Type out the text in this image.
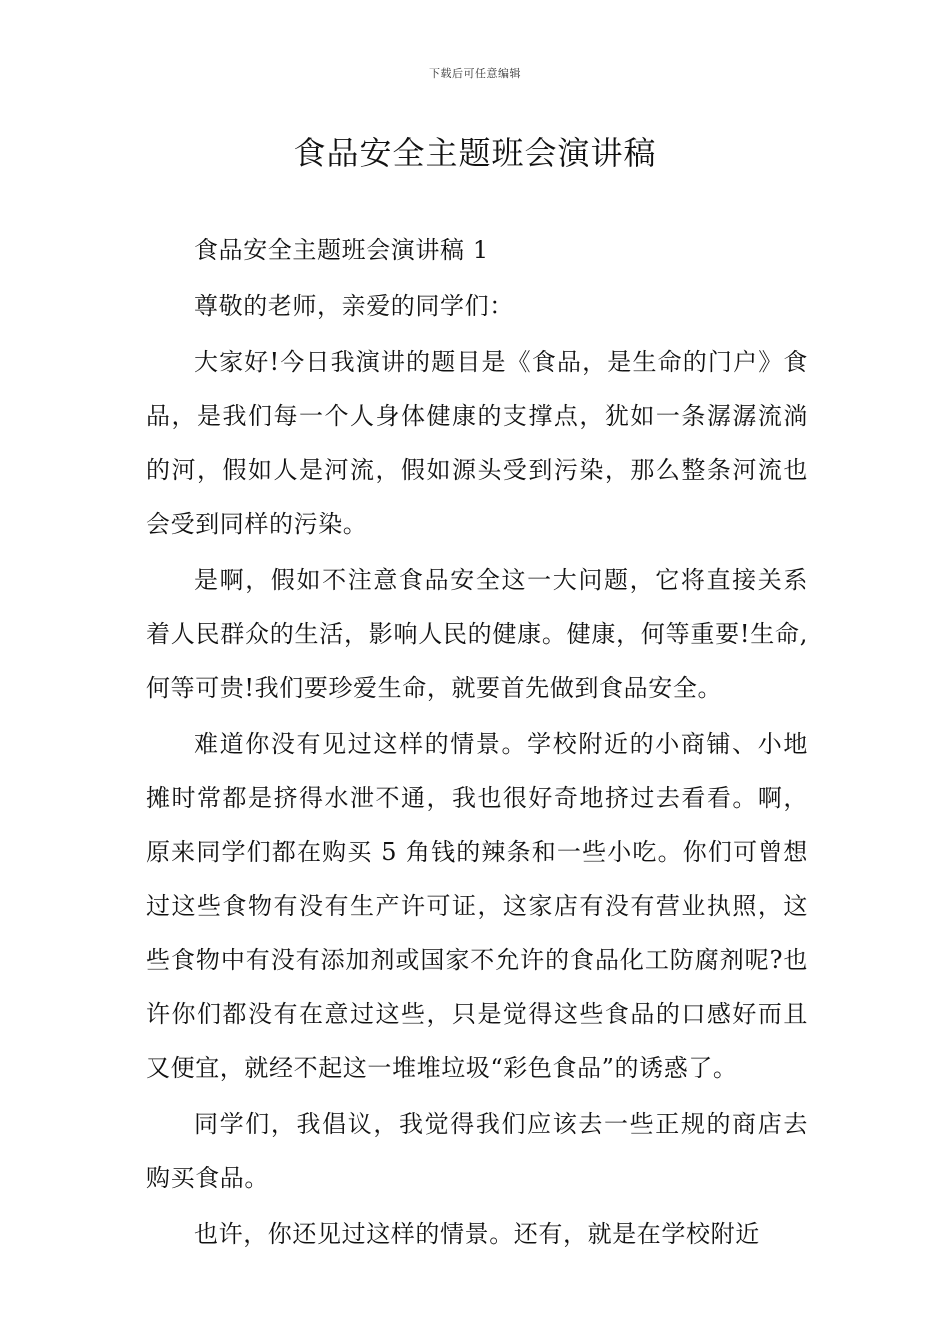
下载后可任意编辑
食品安全主题班会演讲稿

食品安全主题班会演讲稿 1

尊敬的老师，亲爱的同学们：

大家好!今日我演讲的题目是《食品，是生命的门户》食品，是我们每一个人身体健康的支撑点，犹如一条潺潺流淌的河，假如人是河流，假如源头受到污染，那么整条河流也会受到同样的污染。

是啊，假如不注意食品安全这一大问题，它将直接关系着人民群众的生活，影响人民的健康。健康，何等重要!生命,何等可贵!我们要珍爱生命，就要首先做到食品安全。

难道你没有见过这样的情景。学校附近的小商铺、小地摊时常都是挤得水泄不通，我也很好奇地挤过去看看。啊，原来同学们都在购买 5 角钱的辣条和一些小吃。你们可曾想过这些食物有没有生产许可证，这家店有没有营业执照，这些食物中有没有添加剂或国家不允许的食品化工防腐剂呢?也许你们都没有在意过这些，只是觉得这些食品的口感好而且又便宜，就经不起这一堆堆垃圾“彩色食品”的诱惑了。

同学们，我倡议，我觉得我们应该去一些正规的商店去购买食品。

也许，你还见过这样的情景。还有，就是在学校附近
